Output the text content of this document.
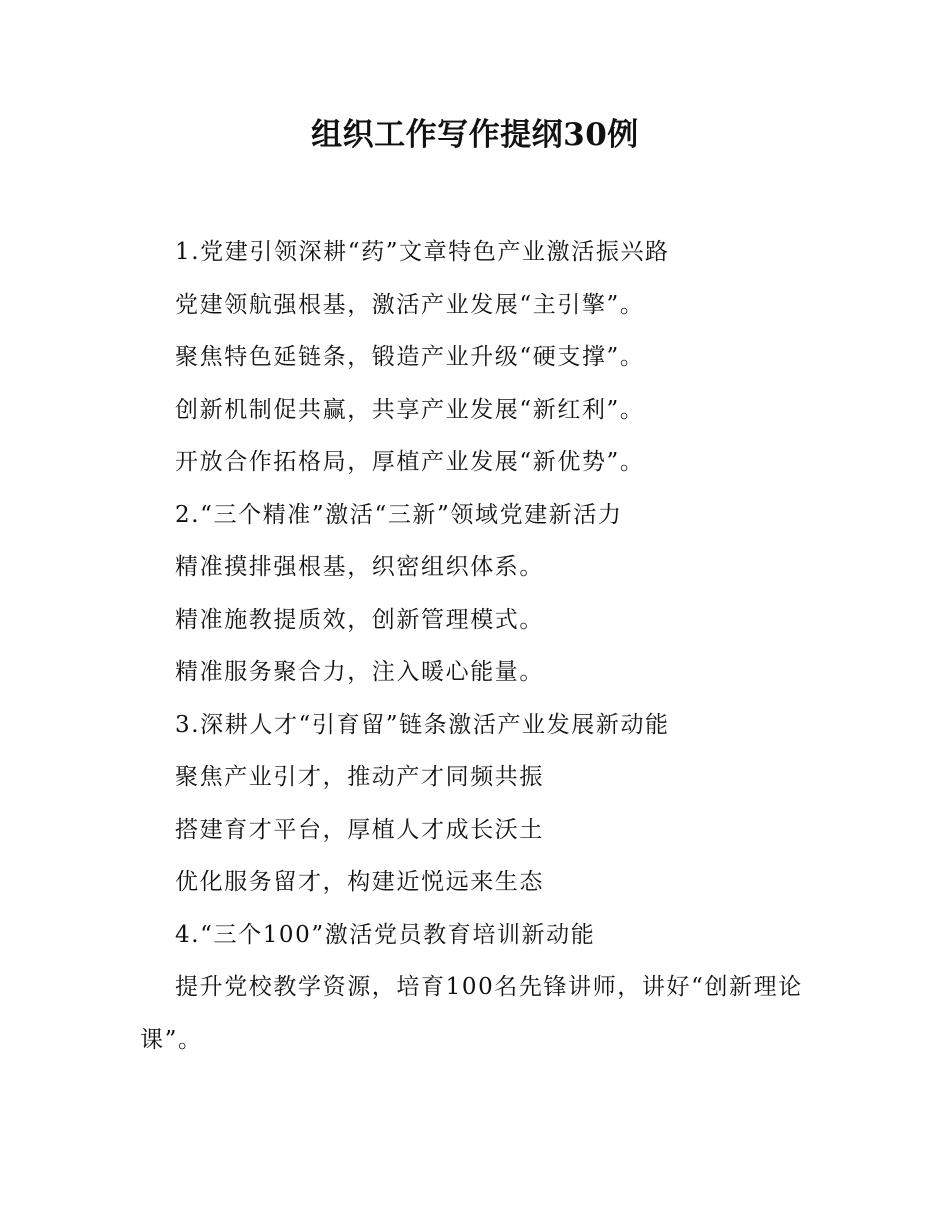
组织工作写作提纲30例

1.党建引领深耕“药”文章特色产业激活振兴路

党建领航强根基，激活产业发展“主引擎”。

聚焦特色延链条，锻造产业升级“硬支撑”。

创新机制促共赢，共享产业发展“新红利”。

开放合作拓格局，厚植产业发展“新优势”。

2.“三个精准”激活“三新”领域党建新活力

精准摸排强根基，织密组织体系。

精准施教提质效，创新管理模式。

精准服务聚合力，注入暖心能量。

3.深耕人才“引育留”链条激活产业发展新动能

聚焦产业引才，推动产才同频共振

搭建育才平台，厚植人才成长沃土

优化服务留才，构建近悦远来生态

4.“三个100”激活党员教育培训新动能

提升党校教学资源，培育100名先锋讲师，讲好“创新理论课”。
